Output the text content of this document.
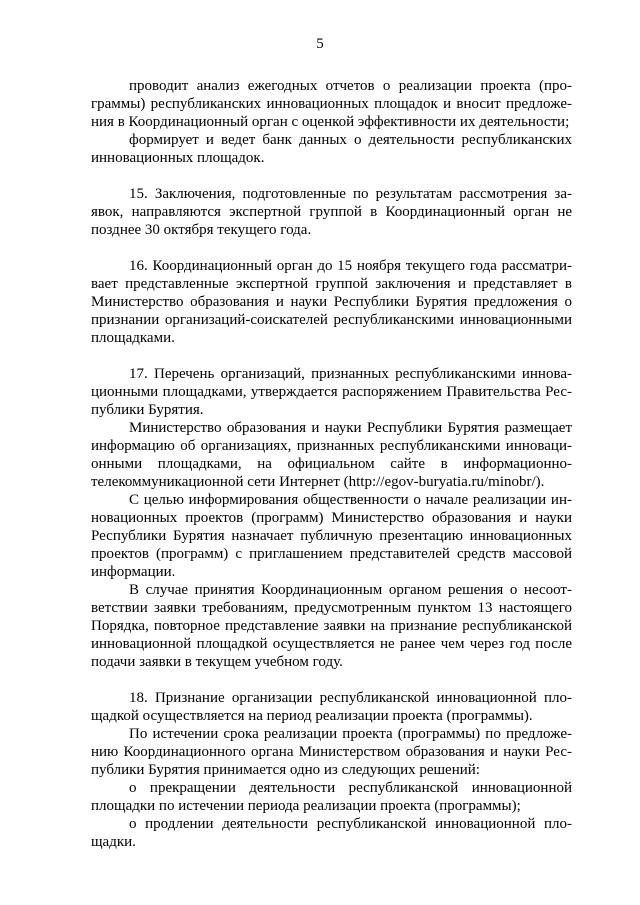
5

проводит анализ ежегодных отчетов о реализации проекта (программы) республиканских инновационных площадок и вносит предложения в Координационный орган с оценкой эффективности их деятельности;

формирует и ведет банк данных о деятельности республиканских инновационных площадок.

15. Заключения, подготовленные по результатам рассмотрения заявок, направляются экспертной группой в Координационный орган не позднее 30 октября текущего года.

16. Координационный орган до 15 ноября текущего года рассматривает представленные экспертной группой заключения и представляет в Министерство образования и науки Республики Бурятия предложения о признании организаций-соискателей республиканскими инновационными площадками.

17. Перечень организаций, признанных республиканскими инновационными площадками, утверждается распоряжением Правительства Республики Бурятия.

Министерство образования и науки Республики Бурятия размещает информацию об организациях, признанных республиканскими инновационными площадками, на официальном сайте в информационно-телекоммуникационной сети Интернет (http://egov-buryatia.ru/minobr/).

С целью информирования общественности о начале реализации инновационных проектов (программ) Министерство образования и науки Республики Бурятия назначает публичную презентацию инновационных проектов (программ) с приглашением представителей средств массовой информации.

В случае принятия Координационным органом решения о несоответствии заявки требованиям, предусмотренным пунктом 13 настоящего Порядка, повторное представление заявки на признание республиканской инновационной площадкой осуществляется не ранее чем через год после подачи заявки в текущем учебном году.

18. Признание организации республиканской инновационной площадкой осуществляется на период реализации проекта (программы).

По истечении срока реализации проекта (программы) по предложению Координационного органа Министерством образования и науки Республики Бурятия принимается одно из следующих решений:

о прекращении деятельности республиканской инновационной площадки по истечении периода реализации проекта (программы);

о продлении деятельности республиканской инновационной площадки.
